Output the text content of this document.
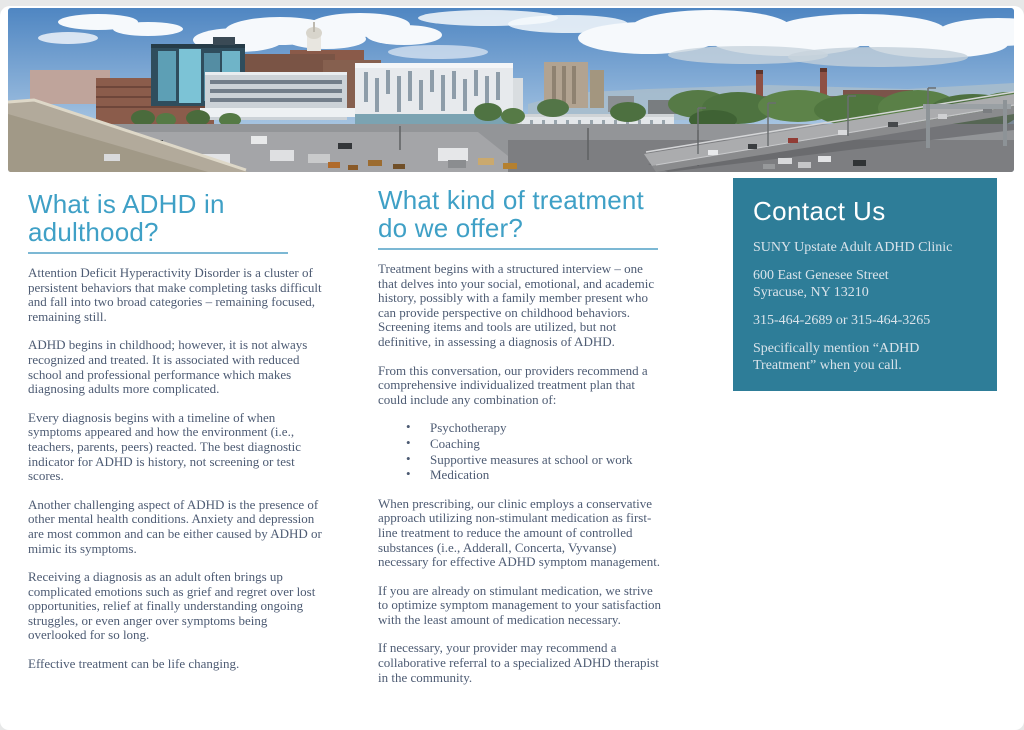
What is ADHD in
adulthood?

Attention Deficit Hyperactivity Disorder is a cluster of persistent behaviors that make completing tasks difficult and fall into two broad categories – remaining focused, remaining still.

ADHD begins in childhood; however, it is not always recognized and treated. It is associated with reduced school and professional performance which makes diagnosing adults more complicated.

Every diagnosis begins with a timeline of when symptoms appeared and how the environment (i.e., teachers, parents, peers) reacted. The best diagnostic indicator for ADHD is history, not screening or test scores.

Another challenging aspect of ADHD is the presence of other mental health conditions. Anxiety and depression are most common and can be either caused by ADHD or mimic its symptoms.

Receiving a diagnosis as an adult often brings up complicated emotions such as grief and regret over lost opportunities, relief at finally understanding ongoing struggles, or even anger over symptoms being overlooked for so long.

Effective treatment can be life changing.

What kind of treatment
do we offer?

Treatment begins with a structured interview – one that delves into your social, emotional, and academic history, possibly with a family member present who can provide perspective on childhood behaviors. Screening items and tools are utilized, but not definitive, in assessing a diagnosis of ADHD.

From this conversation, our providers recommend a comprehensive individualized treatment plan that could include any combination of:

• Psychotherapy
• Coaching
• Supportive measures at school or work
• Medication

When prescribing, our clinic employs a conservative approach utilizing non-stimulant medication as first-line treatment to reduce the amount of controlled substances (i.e., Adderall, Concerta, Vyvanse) necessary for effective ADHD symptom management.

If you are already on stimulant medication, we strive to optimize symptom management to your satisfaction with the least amount of medication necessary.

If necessary, your provider may recommend a collaborative referral to a specialized ADHD therapist in the community.

Contact Us
SUNY Upstate Adult ADHD Clinic
600 East Genesee Street
Syracuse, NY 13210
315-464-2689 or 315-464-3265
Specifically mention “ADHD Treatment” when you call.
